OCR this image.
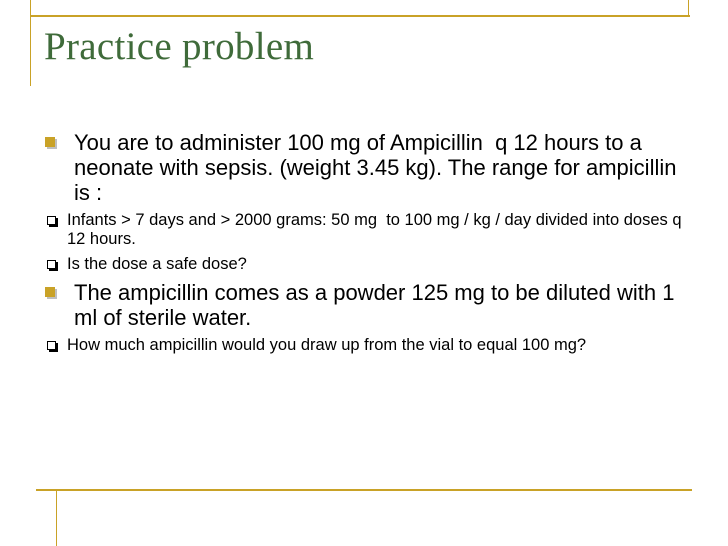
Practice problem
You are to administer 100 mg of Ampicillin  q 12 hours to a neonate with sepsis. (weight 3.45 kg). The range for ampicillin is :
Infants > 7 days and > 2000 grams: 50 mg  to 100 mg / kg / day divided into doses q 12 hours.
Is the dose a safe dose?
The ampicillin comes as a powder 125 mg to be diluted with 1 ml of sterile water.
How much ampicillin would you draw up from the vial to equal 100 mg?
